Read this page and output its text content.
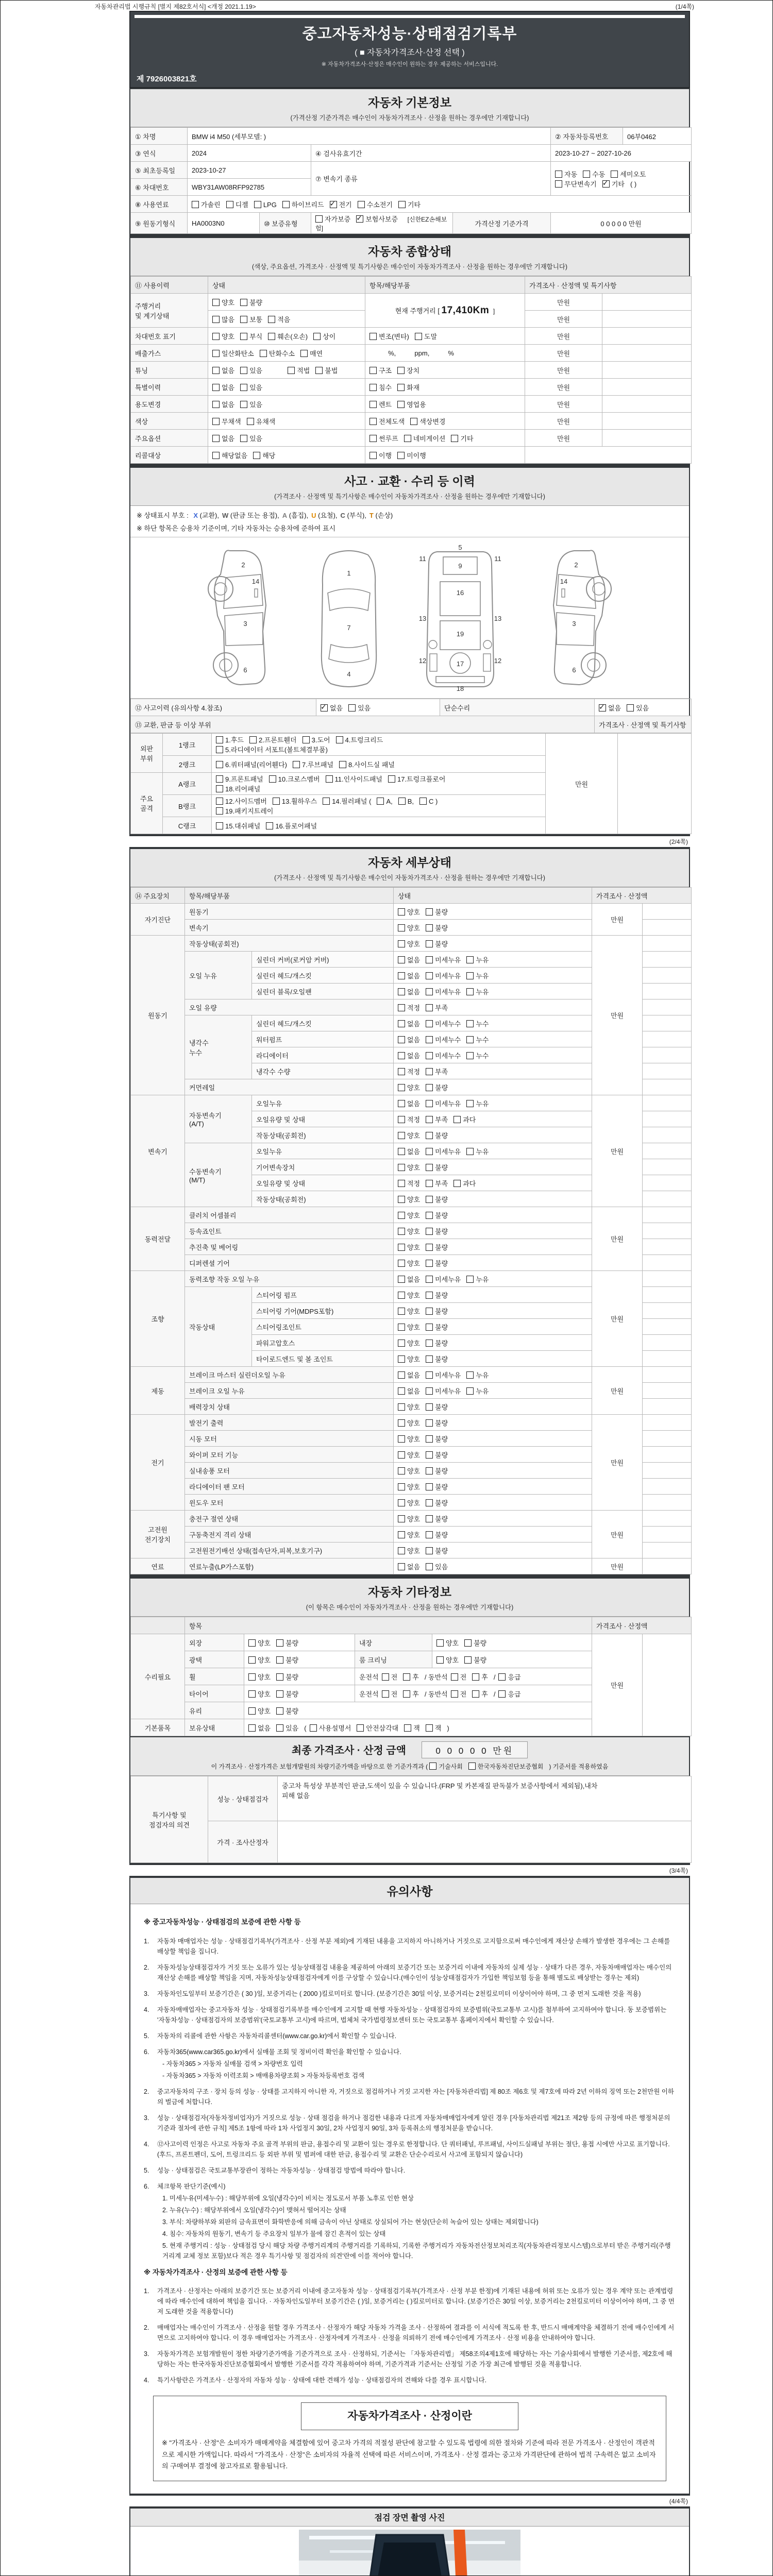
자동차관리법 시행규칙 [별지 제82호서식] <개정 2021.1.19>	(1/4쪽)
중고자동차성능·상태점검기록부
( ■ 자동차가격조사·산정 선택 )
※ 자동차가격조사·산정은 매수인이 원하는 경우 제공하는 서비스입니다.
제 7926003821호
자동차 기본정보
(가격산정 기준가격은 매수인이 자동차가격조사 · 산정을 원하는 경우에만 기재합니다)
① 차명	BMW i4 M50 (세부모델: )				② 자동차등록번호	06부0462
③ 연식	2024		④ 검사유효기간		2023-10-27 ~ 2027-10-26	
⑤ 최초등록일	2023-10-27		⑦ 변속기 종류		자동 수동 세미오토
무단변속기 ✓ 기타 ( )
⑥ 차대번호	WBY31AW08RFP92785					
⑧ 사용연료	가솔린 디젤 LPG 하이브리드 ✓ 전기 수소전기 기타
⑨ 원동기형식	HA0003N0	⑩ 보증유형	자가보증 ✓ 보험사보증 [신한EZ손해보험]	가격산정 기준가격	0 0 0 0 0 만원	
자동차 종합상태
(색상, 주요옵션, 가격조사 · 산정액 및 특기사항은 매수인이 자동차가격조사 · 산정을 원하는 경우에만 기재합니다)
⑪ 사용이력	상태	항목/해당부품	가격조사 · 산정액 및 특기사항	
주행거리
및 계기상태	양호 불량	현재 주행거리 [ 17,410Km ]	만원	
	많음 보통 적음		만원	
차대번호 표기	양호 부식 훼손(오손) 상이	변조(변타) 도말	만원	
배출가스	일산화탄소 탄화수소 매연	%,          ppm,          %	만원	
튜닝	없음 있음 적법 불법	구조 장치	만원	
특별이력	없음 있음	침수 화재	만원	
용도변경	없음 있음	렌트 영업용	만원	
색상	무채색 유채색	전체도색 색상변경	만원	
주요옵션	없음 있음	썬루프 네비게이션 기타	만원	
리콜대상	해당없음 해당	이행 미이행		
사고 · 교환 · 수리 등 이력
(가격조사 · 산정액 및 특기사항은 매수인이 자동차가격조사 · 산정을 원하는 경우에만 기재합니다)
※ 상태표시 부호 : X (교환), W (판금 또는 용접), A (흠집), U (요철), C (부식), T (손상)
※ 하단 항목은 승용차 기준이며, 기타 자동차는 승용차에 준하여 표시
2
14
3
6
1
7
4
5
9
11	11
16
13
19
13
12	17	12
18
2
14
3
6
⑫ 사고이력 (유의사항 4.참조)	✓없음 있음	단순수리	✓없음 있음
⑬ 교환, 판금 등 이상 부위			가격조사 · 산정액 및 특기사항
외판
부위	1랭크	1.후드 2.프론트휀더 3.도어 4.트렁크리드
5.라디에이터 서포트(볼트체결부품)	만원	
	2랭크	6.쿼터패널(리어휀다) 7.루브패널 8.사이드실 패널		
주요
골격	A랭크	9.프론트패널 10.크로스멤버 11.인사이드패널 17.트렁크플로어
18.리어패널		
	B랭크	12.사이드멤버 13.휠하우스 14.필러패널 ( A, B, C )
19.패키지트레이		
	C랭크	15.대쉬패널 16.플로어패널		
(2/4쪽)
자동차 세부상태
(가격조사 · 산정액 및 특기사항은 매수인이 자동차가격조사 · 산정을 원하는 경우에만 기재합니다)
⑭ 주요장치	항목/해당부품		상태	가격조사 · 산정액	
자기진단	원동기		양호 불량	만원	
	변속기		양호 불량		
원동기	작동상태(공회전)		양호 불량	만원	
	오일 누유	실린더 커버(로커암 커버)	없음 미세누유 누유		
		실린더 헤드/개스킷	없음 미세누유 누유		
		실린더 블록/오일팬	없음 미세누유 누유		
	오일 유량		적정 부족		
	냉각수
누수	실린더 헤드/개스킷	없음 미세누수 누수		
		워터펌프	없음 미세누수 누수		
		라디에이터	없음 미세누수 누수		
		냉각수 수량	적정 부족		
	커먼레일		양호 불량		
변속기	자동변속기
(A/T)	오일누유	없음 미세누유 누유	만원	
		오일유량 및 상태	적정 부족 과다		
		작동상태(공회전)	양호 불량		
	수동변속기
(M/T)	오일누유	없음 미세누유 누유		
		기어변속장치	양호 불량		
		오일유량 및 상태	적정 부족 과다		
		작동상태(공회전)	양호 불량		
동력전달	클러치 어셈블리		양호 불량	만원	
	등속죠인트		양호 불량		
	추진축 및 베어링		양호 불량		
	디퍼렌셜 기어		양호 불량		
조향	동력조향 작동 오일 누유		없음 미세누유 누유	만원	
	작동상태	스티어링 펌프	양호 불량		
		스티어링 기어(MDPS포함)	양호 불량		
		스티어링조인트	양호 불량		
		파워고압호스	양호 불량		
		타이로드엔드 및 볼 조인트	양호 불량		
제동	브레이크 마스터 실린더오일 누유		없음 미세누유 누유	만원	
	브레이크 오일 누유		없음 미세누유 누유		
	배력장치 상태		양호 불량		
전기	발전기 출력		양호 불량	만원	
	시동 모터		양호 불량		
	와이퍼 모터 기능		양호 불량		
	실내송풍 모터		양호 불량		
	라디에이터 팬 모터		양호 불량		
	윈도우 모터		양호 불량		
고전원
전기장치	충전구 절연 상태		양호 불량	만원	
	구동축전지 격리 상태		양호 불량		
	고전원전기배선 상태(접속단자,피복,보호기구)		양호 불량		
연료	연료누출(LP가스포함)		없음 있음	만원	
자동차 기타정보
(이 항목은 매수인이 자동차가격조사 · 산정을 원하는 경우에만 기재합니다)
	항목				가격조사 · 산정액	
수리필요	외장	양호 불량	내장	양호 불량	만원	
	광택	양호 불량	룸 크리닝	양호 불량		
	휠	양호 불량	운전석 전 후 / 동반석 전 후 / 응급			
	타이어	양호 불량	운전석 전 후 / 동반석 전 후 / 응급			
	유리	양호 불량				
기본품목	보유상태	없음 있음 ( 사용설명서 안전삼각대 잭 잭 )				
최종 가격조사 · 산정 금액	0 0 0 0 0 만원
이 가격조사 · 산정가격은 보험개발원의 차량기준가액을 바탕으로 한 기준가격과 ( 기술사회 한국자동차진단보증협회 ) 기준서를 적용하였음
특기사항 및
점검자의 의견	성능 · 상태점검자	중고차 특성상 부분적인 판금,도색이 있을 수 있습니다.(FRP 및 카본재질 판독불가 보증사항에서 제외됨),내차
피해 없음
	가격 · 조사산정자	
(3/4쪽)
유의사항
※ 중고자동차성능 · 상태점검의 보증에 관한 사항 등
1.	자동차 매매업자는 성능 · 상태점검기록부(가격조사 · 산정 부분 제외)에 기재된 내용을 고지하지 아니하거나 거짓으로 고지함으로써 매수인에게 재산상 손해가 발생한 경우에는 그 손해를 배상할 책임을 집니다.
2.	자동차성능상태점검자가 거짓 또는 오류가 있는 성능상태점검 내용을 제공하여 아래의 보증기간 또는 보증거리 이내에 자동차의 실제 성능 · 상태가 다른 경우, 자동차매매업자는 매수인의 재산상 손해를 배상할 책임을 지며, 자동차성능상태점검자에게 이를 구상할 수 있습니다.(매수인이 성능상태점검자가 가입한 책임보험 등을 통해 별도로 배상받는 경우는 제외)
3.	자동차인도일부터 보증기간은 ( 30 )일, 보증거리는 ( 2000 )킬로미터로 합니다. (보증기간은 30일 이상, 보증거리는 2천킬로미터 이상이어야 하며, 그 중 먼저 도래한 것을 적용)
4.	자동차매매업자는 중고자동차 성능 · 상태점검기록부를 매수인에게 고지할 때 현행 자동차성능 · 상태점검자의 보증범위(국토교통부 고시)를 첨부하여 고지하여야 합니다. 동 보증범위는 '자동차성능 · 상태점검자의 보증범위'(국토교통부 고시)에 따르며, 법체처 국가법령정보센터 또는 국토교통부 홈페이지에서 확인할 수 있습니다.
5.	자동차의 리콜에 관한 사항은 자동차리콜센터(www.car.go.kr)에서 확인할 수 있습니다.
6.	자동차365(www.car365.go.kr)에서 실매물 조회 및 정비이력 확인을 확인할 수 있습니다.
- 자동차365 > 자동차 실매물 검색 > 차량번호 입력
- 자동차365 > 자동차 이력조회 > 매매용차량조회 > 자동차등록번호 검색
2.	중고자동차의 구조 · 장치 등의 성능 · 상태를 고지하지 아니한 자, 거짓으로 점검하거나 거짓 고지한 자는 [자동차관리법] 제 80조 제6호 및 제7호에 따라 2년 이하의 징역 또는 2천만원 이하의 벌금에 처합니다.
3.	성능 · 상태점검자(자동차정비업자)가 거짓으로 성능 · 상태 점검을 하거나 점검한 내용과 다르게 자동차매매업자에게 알린 경우 [자동차관리법 제21조 제2항 등의 규정에 따른 행정처분의 기준과 절차에 관한 규칙] 제5조 1항에 따라 1차 사업정지 30일, 2차 사업정지 90일, 3차 등록취소의 행정처분을 받습니다.
4.	⑫사고이력 인정은 사고로 자동차 주요 골격 부위의 판금, 용접수리 및 교환이 있는 경우로 한정합니다. 단 쿼터패널, 루프패널, 사이드실패널 부위는 절단, 용접 시에만 사고로 표기합니다. (후드, 프론트펜더, 도어, 트렁크리드 등 외판 부위 및 범퍼에 대한 판금, 용접수리 및 교환은 단순수리로서 사고에 포함되지 않습니다)
5.	성능 · 상태점검은 국토교통부장관이 정하는 자동차성능 · 상태점검 방법에 따라야 합니다.
6.	체크항목 판단기준(예시)
1. 미세누유(미세누수) : 해당부위에 오일(냉각수)이 비치는 정도로서 부품 노후로 인한 현상
2. 누유(누수) : 해당부위에서 오일(냉각수)이 맺혀서 떨어지는 상태
3. 부식: 차량하부와 외판의 금속표면이 화학반응에 의해 금속이 아닌 상태로 상실되어 가는 현상(단순히 녹슬어 있는 상태는 제외합니다)
4. 침수: 자동차의 원동기, 변속기 등 주요장치 일부가 물에 잠긴 흔적이 있는 상태
5. 현재 주행거리 : 성능 · 상태점검 당시 해당 차량 주행거리계의 주행거리를 기록하되, 기록한 주행거리가 자동차전산정보처리조직(자동차관리정보시스템)으로부터 받은 주행거리(주행거리계 교체 정보 포함)보다 적은 경우 특기사항 및 점검자의 의견'란에 이를 적어야 합니다.
※ 자동차가격조사 · 산정의 보증에 관한 사항 등
1.	가격조사 · 산정자는 아래의 보증기간 또는 보증거리 이내에 중고자동차 성능 · 상태점검기록부(가격조사 · 산정 부분 한정)에 기재된 내용에 허위 또는 오류가 있는 경우 계약 또는 관계법령에 따라 매수인에 대하여 책임을 집니다. · 자동차인도일부터 보증기간은 ( )일, 보증거리는 ( )킬로미터로 합니다. (보증기간은 30일 이상, 보증거리는 2천킬로미터 이상이어야 하며, 그 중 먼저 도래한 것을 적용합니다)
2.	매매업자는 매수인이 가격조사 · 산정을 원할 경우 가격조사 · 산정자가 해당 자동차 가격을 조사 · 산정하여 결과를 이 서식에 적도록 한 후, 반드시 매매계약을 체결하기 전에 매수인에게 서면으로 고지하여야 합니다. 이 경우 매매업자는 가격조사 · 산정자에게 가격조사 · 산정을 의뢰하기 전에 매수인에게 가격조사 · 산정 비용을 안내하여야 합니다.
3.	자동차가격은 보험개발원이 정한 차량기준가액을 기준가격으로 조사 · 산정하되, 기준서는 「자동차관리법」 제58조의4제1호에 해당하는 자는 기술사회에서 발행한 기준서를, 제2호에 해당하는 자는 한국자동차진단보증협회에서 발행한 기준서를 각각 적용하여야 하며, 기준가격과 기준서는 산정일 기준 가장 최근에 발행된 것을 적용합니다.
4.	특기사항란은 가격조사 · 산정자의 자동차 성능 · 상태에 대한 견해가 성능 · 상태점검자의 견해와 다를 경우 표시합니다.
자동차가격조사 · 산정이란
※ "가격조사 · 산정"은 소비자가 매매계약을 체결함에 있어 중고차 가격의 적절성 판단에 참고할 수 있도록 법령에 의한 절차와 기준에 따라 전문 가격조사 · 산정인이 객관적으로 제시한 가액입니다. 따라서 "가격조사 · 산정"은 소비자의 자율적 선택에 따른 서비스이며, 가격조사 · 산정 결과는 중고차 가격판단에 관하여 법적 구속력은 없고 소비자의 구매여부 결정에 참고자료로 활용됩니다.
(4/4쪽)
점검 장면 촬영 사진
